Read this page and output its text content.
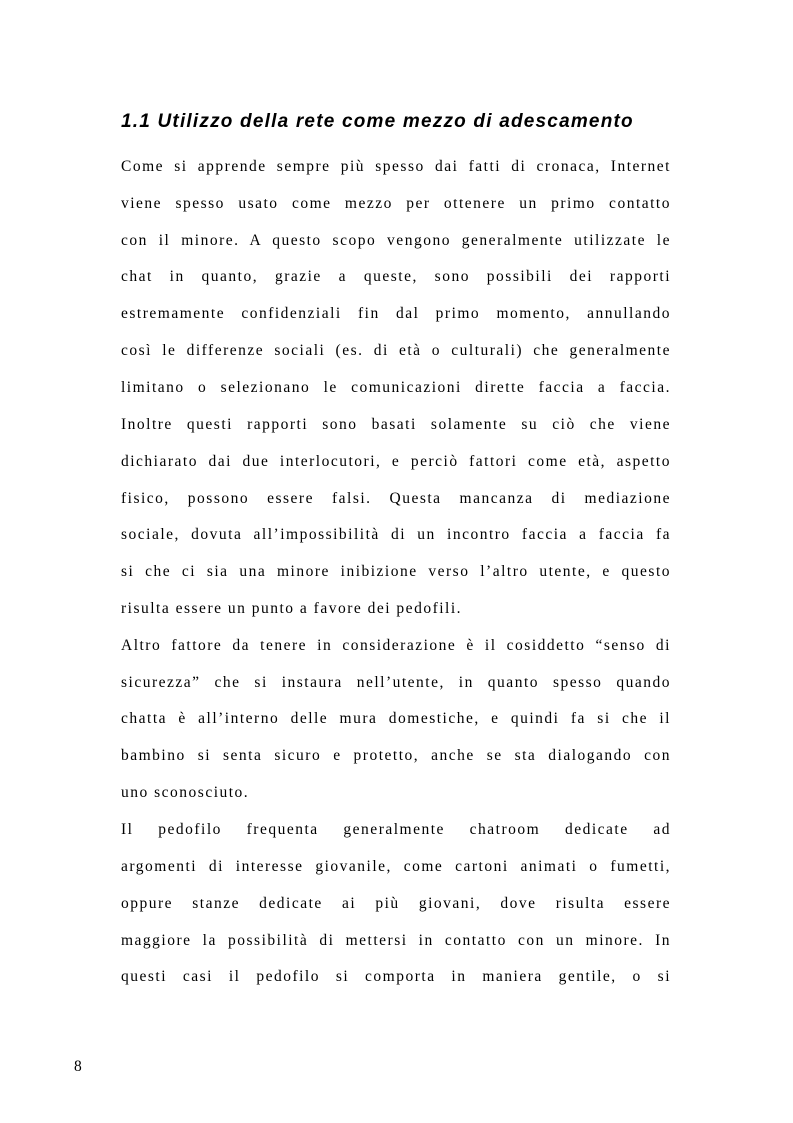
1.1 Utilizzo della rete come mezzo di adescamento

Come si apprende sempre più spesso dai fatti di cronaca, Internet

viene spesso usato come mezzo per ottenere un primo contatto

con il minore. A questo scopo vengono generalmente utilizzate le

chat in quanto, grazie a queste, sono possibili dei rapporti

estremamente confidenziali fin dal primo momento, annullando

così le differenze sociali (es. di età o culturali) che generalmente

limitano o selezionano le comunicazioni dirette faccia a faccia.

Inoltre questi rapporti sono basati solamente su ciò che viene

dichiarato dai due interlocutori, e perciò fattori come età, aspetto

fisico, possono essere falsi. Questa mancanza di mediazione

sociale, dovuta all’impossibilità di un incontro faccia a faccia fa

si che ci sia una minore inibizione verso l’altro utente, e questo

risulta essere un punto a favore dei pedofili.

Altro fattore da tenere in considerazione è il cosiddetto “senso di

sicurezza” che si instaura nell’utente, in quanto spesso quando

chatta è all’interno delle mura domestiche, e quindi fa si che il

bambino si senta sicuro e protetto, anche se sta dialogando con

uno sconosciuto.

Il pedofilo frequenta generalmente chatroom dedicate ad

argomenti di interesse giovanile, come cartoni animati o fumetti,

oppure stanze dedicate ai più giovani, dove risulta essere

maggiore la possibilità di mettersi in contatto con un minore. In

questi casi il pedofilo si comporta in maniera gentile, o si

8
